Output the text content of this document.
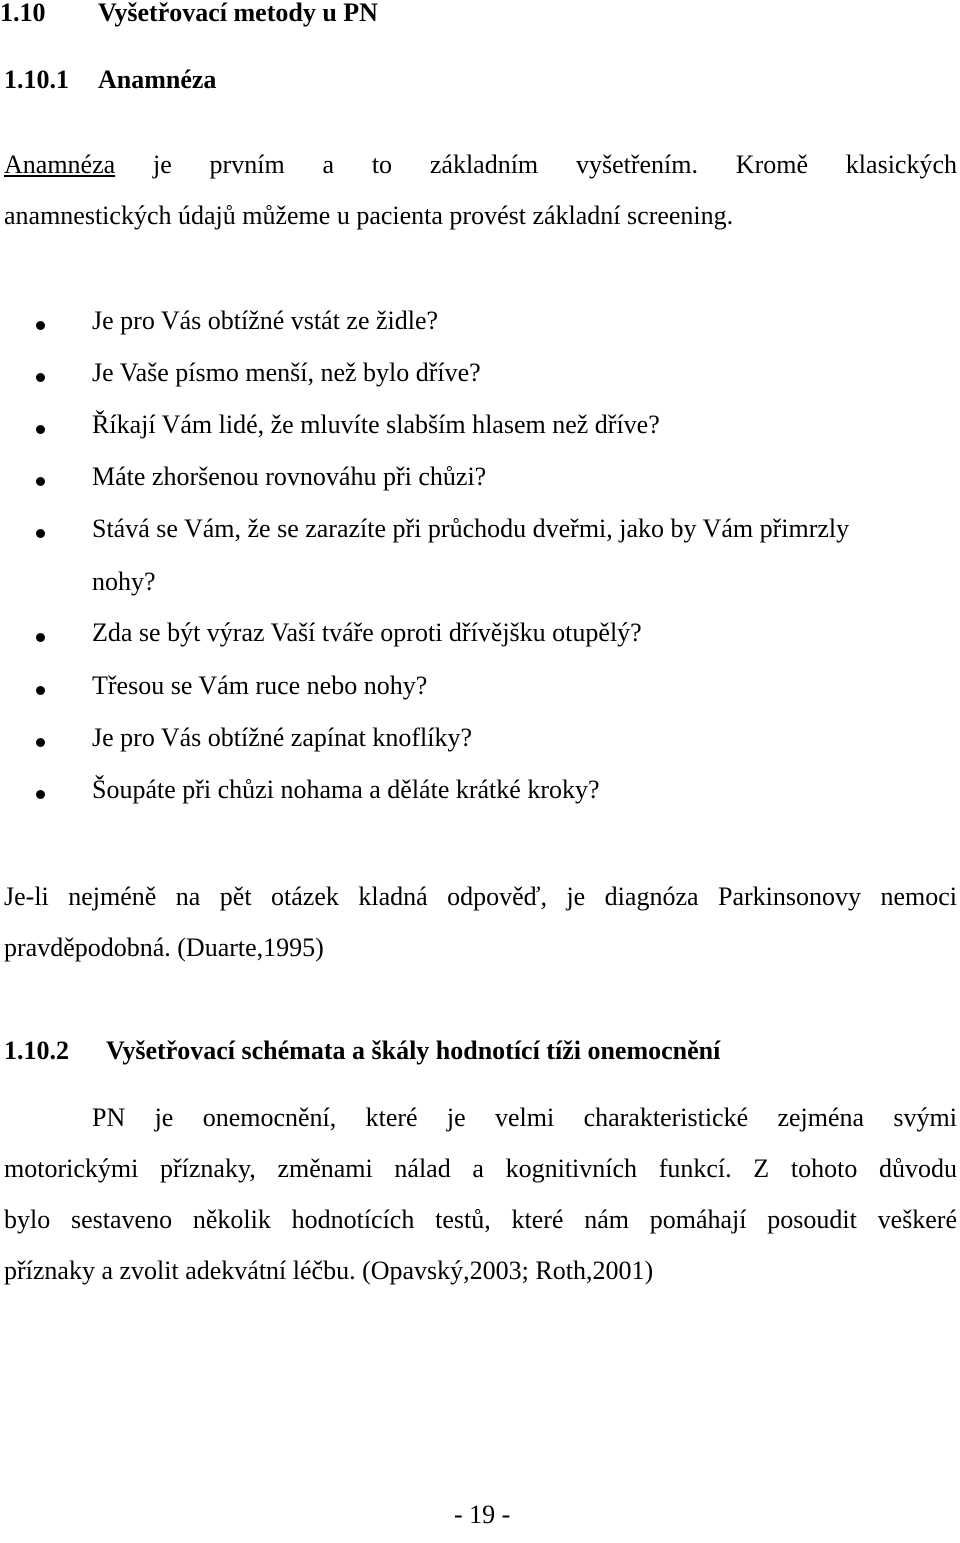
1.10 Vyšetřovací metody u PN
1.10.1 Anamnéza
Anamnéza je prvním a to základním vyšetřením. Kromě klasických
anamnestických údajů můžeme u pacienta provést základní screening.
Je pro Vás obtížné vstát ze židle?
Je Vaše písmo menší, než bylo dříve?
Říkají Vám lidé, že mluvíte slabším hlasem než dříve?
Máte zhoršenou rovnováhu při chůzi?
Stává se Vám, že se zarazíte při průchodu dveřmi, jako by Vám přimrzly
nohy?
Zda se být výraz Vaší tváře oproti dřívějšku otupělý?
Třesou se Vám ruce nebo nohy?
Je pro Vás obtížné zapínat knoflíky?
Šoupáte při chůzi nohama a děláte krátké kroky?
Je-li nejméně na pět otázek kladná odpověď, je diagnóza Parkinsonovy nemoci
pravděpodobná. (Duarte,1995)
1.10.2 Vyšetřovací schémata a škály hodnotící tíži onemocnění
PN je onemocnění, které je velmi charakteristické zejména svými
motorickými příznaky, změnami nálad a kognitivních funkcí. Z tohoto důvodu
bylo sestaveno několik hodnotících testů, které nám pomáhají posoudit veškeré
příznaky a zvolit adekvátní léčbu. (Opavský,2003; Roth,2001)
- 19 -
